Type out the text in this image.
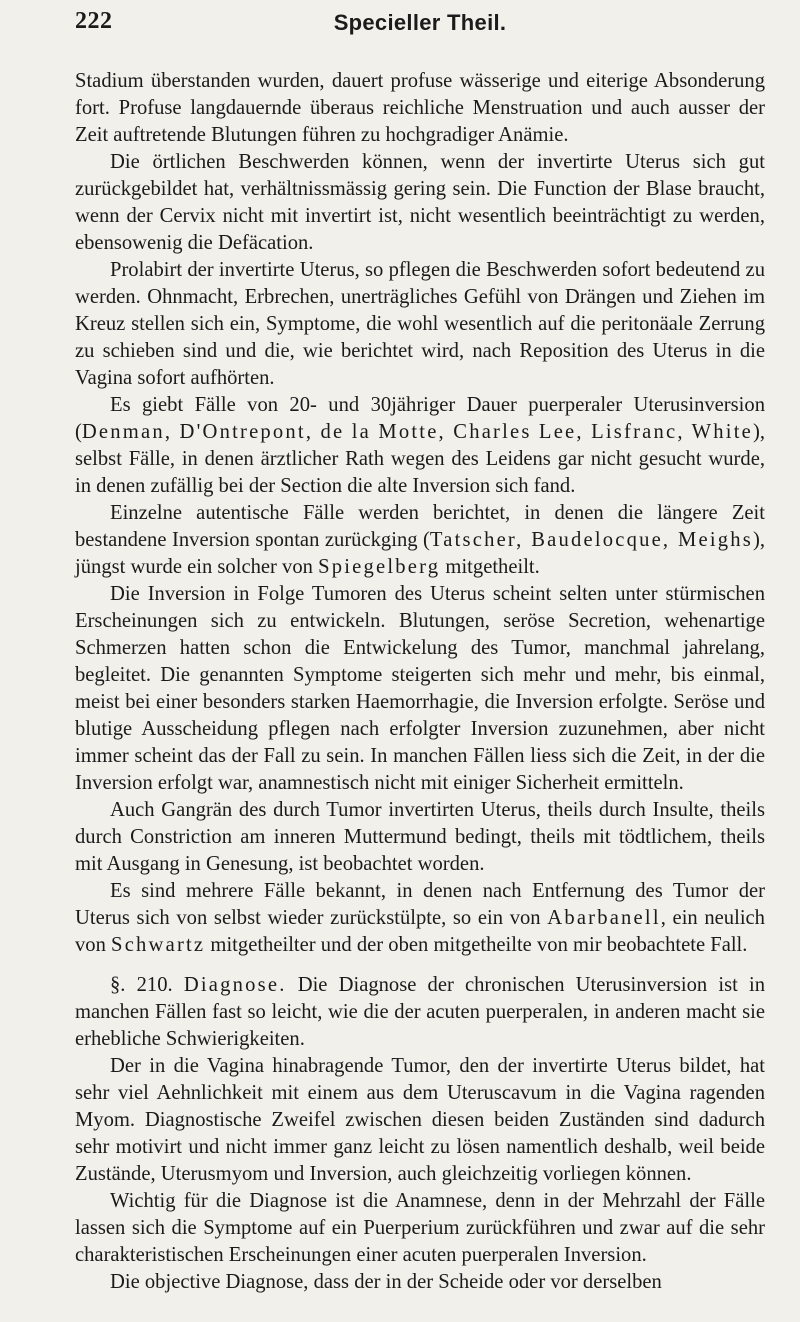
222	Specieller Theil.

Stadium überstanden wurden, dauert profuse wässerige und eiterige Absonderung fort. Profuse langdauernde überaus reichliche Menstruation und auch ausser der Zeit auftretende Blutungen führen zu hochgradiger Anämie.

Die örtlichen Beschwerden können, wenn der invertirte Uterus sich gut zurückgebildet hat, verhältnissmässig gering sein. Die Function der Blase braucht, wenn der Cervix nicht mit invertirt ist, nicht wesentlich beeinträchtigt zu werden, ebensowenig die Defäcation.

Prolabirt der invertirte Uterus, so pflegen die Beschwerden sofort bedeutend zu werden. Ohnmacht, Erbrechen, unerträgliches Gefühl von Drängen und Ziehen im Kreuz stellen sich ein, Symptome, die wohl wesentlich auf die peritonäale Zerrung zu schieben sind und die, wie berichtet wird, nach Reposition des Uterus in die Vagina sofort aufhörten.

Es giebt Fälle von 20- und 30jähriger Dauer puerperaler Uterusinversion (Denman, D'Ontrepont, de la Motte, Charles Lee, Lisfranc, White), selbst Fälle, in denen ärztlicher Rath wegen des Leidens gar nicht gesucht wurde, in denen zufällig bei der Section die alte Inversion sich fand.

Einzelne autentische Fälle werden berichtet, in denen die längere Zeit bestandene Inversion spontan zurückging (Tatscher, Baudelocque, Meighs), jüngst wurde ein solcher von Spiegelberg mitgetheilt.

Die Inversion in Folge Tumoren des Uterus scheint selten unter stürmischen Erscheinungen sich zu entwickeln. Blutungen, seröse Secretion, wehenartige Schmerzen hatten schon die Entwickelung des Tumor, manchmal jahrelang, begleitet. Die genannten Symptome steigerten sich mehr und mehr, bis einmal, meist bei einer besonders starken Haemorrhagie, die Inversion erfolgte. Seröse und blutige Ausscheidung pflegen nach erfolgter Inversion zuzunehmen, aber nicht immer scheint das der Fall zu sein. In manchen Fällen liess sich die Zeit, in der die Inversion erfolgt war, anamnestisch nicht mit einiger Sicherheit ermitteln.

Auch Gangrän des durch Tumor invertirten Uterus, theils durch Insulte, theils durch Constriction am inneren Muttermund bedingt, theils mit tödtlichem, theils mit Ausgang in Genesung, ist beobachtet worden.

Es sind mehrere Fälle bekannt, in denen nach Entfernung des Tumor der Uterus sich von selbst wieder zurückstülpte, so ein von Abarbanell, ein neulich von Schwartz mitgetheilter und der oben mitgetheilte von mir beobachtete Fall.

§. 210. Diagnose. Die Diagnose der chronischen Uterusinversion ist in manchen Fällen fast so leicht, wie die der acuten puerperalen, in anderen macht sie erhebliche Schwierigkeiten.

Der in die Vagina hinabragende Tumor, den der invertirte Uterus bildet, hat sehr viel Aehnlichkeit mit einem aus dem Uteruscavum in die Vagina ragenden Myom. Diagnostische Zweifel zwischen diesen beiden Zuständen sind dadurch sehr motivirt und nicht immer ganz leicht zu lösen namentlich deshalb, weil beide Zustände, Uterusmyom und Inversion, auch gleichzeitig vorliegen können.

Wichtig für die Diagnose ist die Anamnese, denn in der Mehrzahl der Fälle lassen sich die Symptome auf ein Puerperium zurückführen und zwar auf die sehr charakteristischen Erscheinungen einer acuten puerperalen Inversion.

Die objective Diagnose, dass der in der Scheide oder vor derselben
